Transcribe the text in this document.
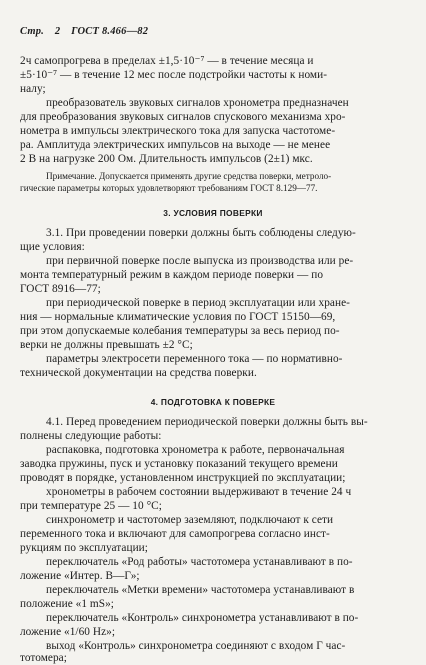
Стр. 2 ГОСТ 8.466—82
2ч самопрогрева в пределах ±1,5·10⁻⁷ — в течение месяца и
±5·10⁻⁷ — в течение 12 мес после подстройки частоты к номи-
налу;
преобразователь звуковых сигналов хронометра предназначен
для преобразования звуковых сигналов спускового механизма хро-
нометра в импульсы электрического тока для запуска частотоме-
ра. Амплитуда электрических импульсов на выходе — не менее
2 В на нагрузке 200 Ом. Длительность импульсов (2±1) мкс.
Примечание. Допускается применять другие средства поверки, метроло-
гические параметры которых удовлетворяют требованиям ГОСТ 8.129—77.
3. УСЛОВИЯ ПОВЕРКИ
3.1. При проведении поверки должны быть соблюдены следую-
щие условия:
при первичной поверке после выпуска из производства или ре-
монта температурный режим в каждом периоде поверки — по
ГОСТ 8916—77;
при периодической поверке в период эксплуатации или хране-
ния — нормальные климатические условия по ГОСТ 15150—69,
при этом допускаемые колебания температуры за весь период по-
верки не должны превышать ±2 °С;
параметры электросети переменного тока — по нормативно-
технической документации на средства поверки.
4. ПОДГОТОВКА К ПОВЕРКЕ
4.1. Перед проведением периодической поверки должны быть вы-
полнены следующие работы:
распаковка, подготовка хронометра к работе, первоначальная
заводка пружины, пуск и установку показаний текущего времени
проводят в порядке, установленном инструкцией по эксплуатации;
хронометры в рабочем состоянии выдерживают в течение 24 ч
при температуре 25 — 10 °С;
синхронометр и частотомер заземляют, подключают к сети
переменного тока и включают для самопрогрева согласно инст-
рукциям по эксплуатации;
переключатель «Род работы» частотомера устанавливают в по-
ложение «Интер. В—Г»;
переключатель «Метки времени» частотомера устанавливают в
положение «1 mS»;
переключатель «Контроль» синхронометра устанавливают в по-
ложение «1/60 Hz»;
выход «Контроль» синхронометра соединяют с входом Г час-
тотомера;
